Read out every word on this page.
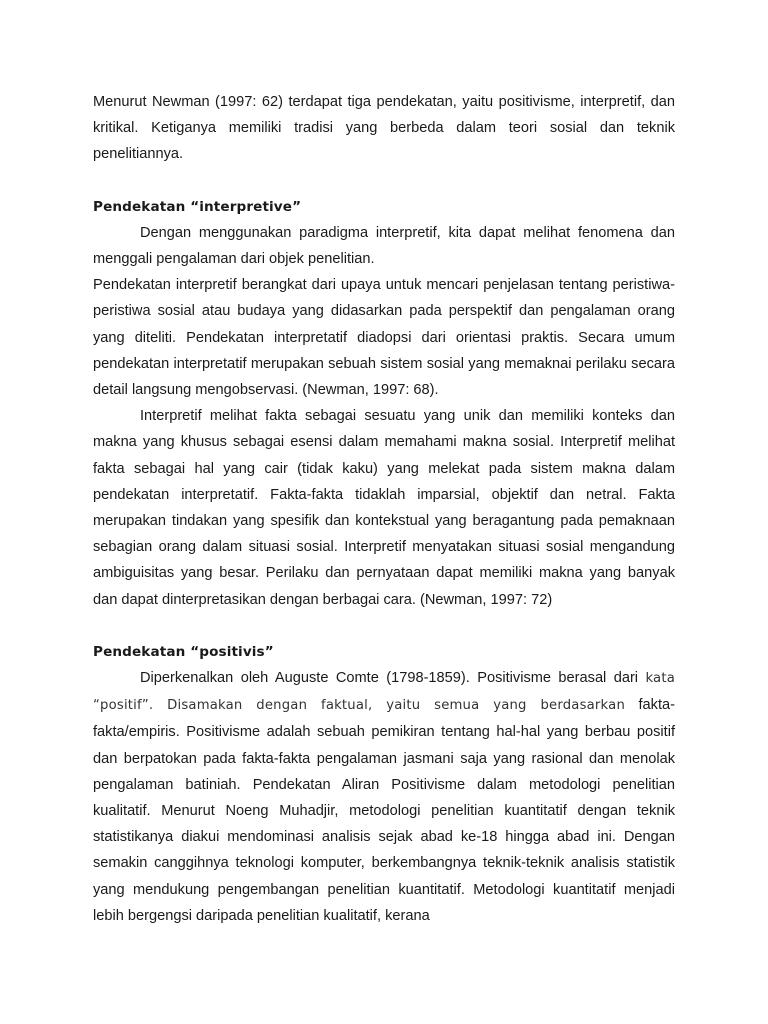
Menurut Newman (1997: 62) terdapat tiga pendekatan, yaitu positivisme, interpretif, dan kritikal. Ketiganya memiliki tradisi yang berbeda dalam teori sosial dan teknik penelitiannya.

Pendekatan “interpretive”

Dengan menggunakan paradigma interpretif, kita dapat melihat fenomena dan menggali pengalaman dari objek penelitian.

Pendekatan interpretif berangkat dari upaya untuk mencari penjelasan tentang peristiwa-peristiwa sosial atau budaya yang didasarkan pada perspektif dan pengalaman orang yang diteliti. Pendekatan interpretatif diadopsi dari orientasi praktis. Secara umum pendekatan interpretatif merupakan sebuah sistem sosial yang memaknai perilaku secara detail langsung mengobservasi. (Newman, 1997: 68).

Interpretif melihat fakta sebagai sesuatu yang unik dan memiliki konteks dan makna yang khusus sebagai esensi dalam memahami makna sosial. Interpretif melihat fakta sebagai hal yang cair (tidak kaku) yang melekat pada sistem makna dalam pendekatan interpretatif. Fakta-fakta tidaklah imparsial, objektif dan netral. Fakta merupakan tindakan yang spesifik dan kontekstual yang beragantung pada pemaknaan sebagian orang dalam situasi sosial. Interpretif menyatakan situasi sosial mengandung ambiguisitas yang besar. Perilaku dan pernyataan dapat memiliki makna yang banyak dan dapat dinterpretasikan dengan berbagai cara. (Newman, 1997: 72)

Pendekatan “positivis”

Diperkenalkan oleh Auguste Comte (1798-1859). Positivisme berasal dari kata “positif”. Disamakan dengan faktual, yaitu semua yang berdasarkan fakta-fakta/empiris. Positivisme adalah sebuah pemikiran tentang hal-hal yang berbau positif dan berpatokan pada fakta-fakta pengalaman jasmani saja yang rasional dan menolak pengalaman batiniah. Pendekatan Aliran Positivisme dalam metodologi penelitian kualitatif. Menurut Noeng Muhadjir, metodologi penelitian kuantitatif dengan teknik statistikanya diakui mendominasi analisis sejak abad ke-18 hingga abad ini. Dengan semakin canggihnya teknologi komputer, berkembangnya teknik-teknik analisis statistik yang mendukung pengembangan penelitian kuantitatif. Metodologi kuantitatif menjadi lebih bergengsi daripada penelitian kualitatif, kerana
